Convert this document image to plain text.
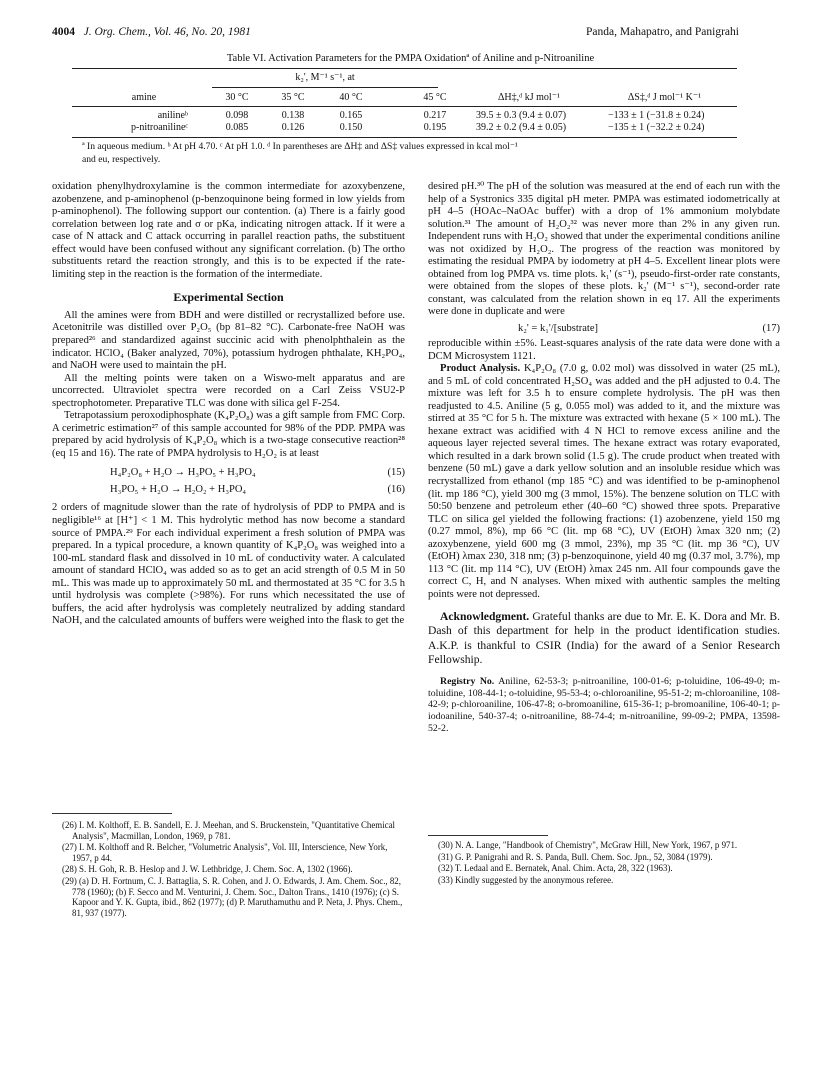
4004 J. Org. Chem., Vol. 46, No. 20, 1981	Panda, Mahapatro, and Panigrahi
Table VI. Activation Parameters for the PMPA Oxidationª of Aniline and p-Nitroaniline
k₂', M⁻¹ s⁻¹, at
amine	30 °C	35 °C	40 °C	45 °C	ΔH‡,ᵈ kJ mol⁻¹	ΔS‡,ᵈ J mol⁻¹ K⁻¹
anilineᵇ	0.098	0.138	0.165	0.217	39.5 ± 0.3 (9.4 ± 0.07)	−133 ± 1 (−31.8 ± 0.24)
p-nitroanilineᶜ	0.085	0.126	0.150	0.195	39.2 ± 0.2 (9.4 ± 0.05)	−135 ± 1 (−32.2 ± 0.24)
ª In aqueous medium. ᵇ At pH 4.70. ᶜ At pH 1.0. ᵈ In parentheses are ΔH‡ and ΔS‡ values expressed in kcal mol⁻¹
and eu, respectively.

oxidation phenylhydroxylamine is the common intermediate for azoxybenzene, azobenzene, and p-aminophenol (p-benzoquinone being formed in low yields from p-aminophenol). The following support our contention. (a) There is a fairly good correlation between log rate and σ or pKa, indicating nitrogen attack. If it were a case of N attack and C attack occurring in parallel reaction paths, the substituent effect would have been confused without any significant correlation. (b) The ortho substituents retard the reaction strongly, and this is to be expected if the rate-limiting step in the reaction is the formation of the intermediate.

Experimental Section

All the amines were from BDH and were distilled or recrystallized before use. Acetonitrile was distilled over P₂O₅ (bp 81–82 °C). Carbonate-free NaOH was prepared²⁶ and standardized against succinic acid with phenolphthalein as the indicator. HClO₄ (Baker analyzed, 70%), potassium hydrogen phthalate, KH₂PO₄, and NaOH were used to maintain the pH.

All the melting points were taken on a Wiswo-melt apparatus and are uncorrected. Ultraviolet spectra were recorded on a Carl Zeiss VSU2-P spectrophotometer. Preparative TLC was done with silica gel F-254.

Tetrapotassium peroxodiphosphate (K₄P₂O₈) was a gift sample from FMC Corp. A cerimetric estimation²⁷ of this sample accounted for 98% of the PDP. PMPA was prepared by acid hydrolysis of K₄P₂O₈ which is a two-stage consecutive reaction²⁸ (eq 15 and 16). The rate of PMPA hydrolysis to H₂O₂ is at least

H₄P₂O₈ + H₂O → H₃PO₅ + H₃PO₄	(15)
H₃PO₅ + H₂O → H₂O₂ + H₃PO₄	(16)

2 orders of magnitude slower than the rate of hydrolysis of PDP to PMPA and is negligible¹⁶ at [H⁺] < 1 M. This hydrolytic method has now become a standard source of PMPA.²⁹ For each individual experiment a fresh solution of PMPA was prepared. In a typical procedure, a known quantity of K₄P₂O₈ was weighed into a 100-mL standard flask and dissolved in 10 mL of conductivity water. A calculated amount of standard HClO₄ was added so as to get an acid strength of 0.5 M in 50 mL. This was made up to approximately 50 mL and thermostated at 35 °C for 3.5 h until hydrolysis was complete (>98%). For runs which necessitated the use of buffers, the acid after hydrolysis was completely neutralized by adding standard NaOH, and the calculated amounts of buffers were weighed into the flask to get the

(26) I. M. Kolthoff, E. B. Sandell, E. J. Meehan, and S. Bruckenstein, "Quantitative Chemical Analysis", Macmillan, London, 1969, p 781.

(27) I. M. Kolthoff and R. Belcher, "Volumetric Analysis", Vol. III, Interscience, New York, 1957, p 44.

(28) S. H. Goh, R. B. Heslop and J. W. Lethbridge, J. Chem. Soc. A, 1302 (1966).

(29) (a) D. H. Fortnum, C. J. Battaglia, S. R. Cohen, and J. O. Edwards, J. Am. Chem. Soc., 82, 778 (1960); (b) F. Secco and M. Venturini, J. Chem. Soc., Dalton Trans., 1410 (1976); (c) S. Kapoor and Y. K. Gupta, ibid., 862 (1977); (d) P. Maruthamuthu and P. Neta, J. Phys. Chem., 81, 937 (1977).

desired pH.³⁰ The pH of the solution was measured at the end of each run with the help of a Systronics 335 digital pH meter. PMPA was estimated iodometrically at pH 4–5 (HOAc–NaOAc buffer) with a drop of 1% ammonium molybdate solution.³¹ The amount of H₂O₂³² was never more than 2% in any given run. Independent runs with H₂O₂ showed that under the experimental conditions aniline was not oxidized by H₂O₂. The progress of the reaction was monitored by estimating the residual PMPA by iodometry at pH 4–5. Excellent linear plots were obtained from log PMPA vs. time plots. k₁' (s⁻¹), pseudo-first-order rate constants, were obtained from the slopes of these plots. k₂' (M⁻¹ s⁻¹), second-order rate constant, was calculated from the relation shown in eq 17. All the experiments were done in duplicate and were

k₂' = k₁'/[substrate]	(17)

reproducible within ±5%. Least-squares analysis of the rate data were done with a DCM Microsystem 1121.

Product Analysis. K₄P₂O₈ (7.0 g, 0.02 mol) was dissolved in water (25 mL), and 5 mL of cold concentrated H₂SO₄ was added and the pH adjusted to 0.4. The mixture was left for 3.5 h to ensure complete hydrolysis. The pH was then readjusted to 4.5. Aniline (5 g, 0.055 mol) was added to it, and the mixture was stirred at 35 °C for 5 h. The mixture was extracted with hexane (5 × 100 mL). The hexane extract was acidified with 4 N HCl to remove excess aniline and the aqueous layer rejected several times. The hexane extract was rotary evaporated, which resulted in a dark brown solid (1.5 g). The crude product when treated with benzene (50 mL) gave a dark yellow solution and an insoluble residue which was recrystallized from ethanol (mp 185 °C) and was identified to be p-aminophenol (lit. mp 186 °C), yield 300 mg (3 mmol, 15%). The benzene solution on TLC with 50:50 benzene and petroleum ether (40–60 °C) showed three spots. Preparative TLC on silica gel yielded the following fractions: (1) azobenzene, yield 150 mg (0.27 mmol, 8%), mp 66 °C (lit. mp 68 °C), UV (EtOH) λmax 320 nm; (2) azoxybenzene, yield 600 mg (3 mmol, 23%), mp 35 °C (lit. mp 36 °C), UV (EtOH) λmax 230, 318 nm; (3) p-benzoquinone, yield 40 mg (0.37 mol, 3.7%), mp 113 °C (lit. mp 114 °C), UV (EtOH) λmax 245 nm. All four compounds gave the correct C, H, and N analyses. When mixed with authentic samples the melting points were not depressed.

Acknowledgment. Grateful thanks are due to Mr. E. K. Dora and Mr. B. Dash of this department for help in the product identification studies. A.K.P. is thankful to CSIR (India) for the award of a Senior Research Fellowship.

Registry No. Aniline, 62-53-3; p-nitroaniline, 100-01-6; p-toluidine, 106-49-0; m-toluidine, 108-44-1; o-toluidine, 95-53-4; o-chloroaniline, 95-51-2; m-chloroaniline, 108-42-9; p-chloroaniline, 106-47-8; o-bromoaniline, 615-36-1; p-bromoaniline, 106-40-1; p-iodoaniline, 540-37-4; o-nitroaniline, 88-74-4; m-nitroaniline, 99-09-2; PMPA, 13598-52-2.

(30) N. A. Lange, "Handbook of Chemistry", McGraw Hill, New York, 1967, p 971.

(31) G. P. Panigrahi and R. S. Panda, Bull. Chem. Soc. Jpn., 52, 3084 (1979).

(32) T. Ledaal and E. Bernatek, Anal. Chim. Acta, 28, 322 (1963).

(33) Kindly suggested by the anonymous referee.
